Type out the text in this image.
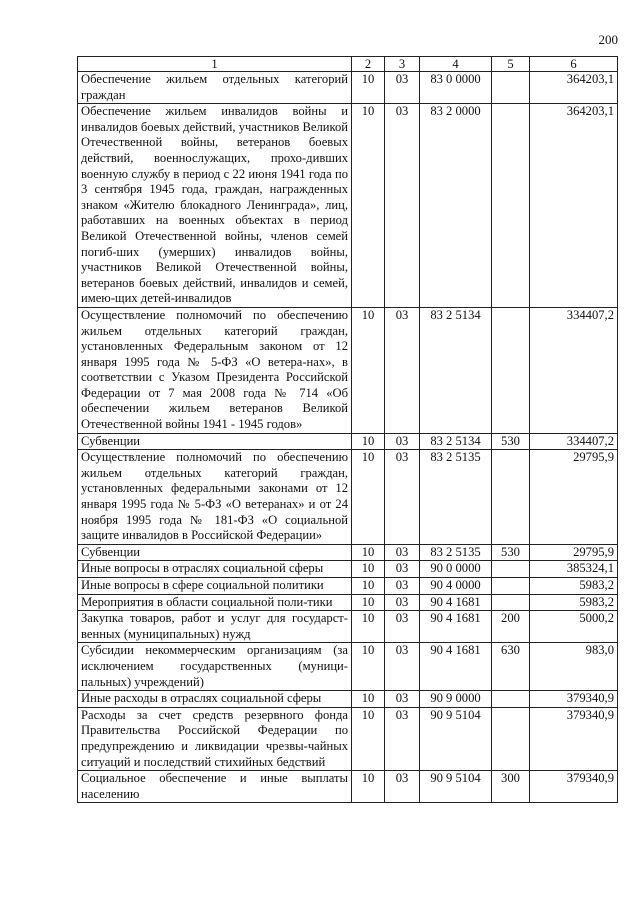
200
1	2	3	4	5	6
Обеспечение жильем отдельных категорий граждан	10	03	83 0 0000		364203,1
Обеспечение жильем инвалидов войны и инвалидов боевых действий, участников Великой Отечественной войны, ветеранов боевых действий, военнослужащих, прохо-дивших военную службу в период с 22 июня 1941 года по 3 сентября 1945 года, граждан, награжденных знаком «Жителю блокадного Ленинграда», лиц, работавших на военных объектах в период Великой Отечественной войны, членов семей погиб-ших (умерших) инвалидов войны, участников Великой Отечественной войны, ветеранов боевых действий, инвалидов и семей, имею-щих детей-инвалидов	10	03	83 2 0000		364203,1
Осуществление полномочий по обеспечению жильем отдельных категорий граждан, установленных Федеральным законом от 12 января 1995 года № 5-ФЗ «О ветера-нах», в соответствии с Указом Президента Российской Федерации от 7 мая 2008 года № 714 «Об обеспечении жильем ветеранов Великой Отечественной войны 1941 - 1945 годов»	10	03	83 2 5134		334407,2
Субвенции	10	03	83 2 5134	530	334407,2
Осуществление полномочий по обеспечению жильем отдельных категорий граждан, установленных федеральными законами от 12 января 1995 года № 5-ФЗ «О ветеранах» и от 24 ноября 1995 года № 181-ФЗ «О социальной защите инвалидов в Российской Федерации»	10	03	83 2 5135		29795,9
Субвенции	10	03	83 2 5135	530	29795,9
Иные вопросы в отраслях социальной сферы	10	03	90 0 0000		385324,1
Иные вопросы в сфере социальной политики	10	03	90 4 0000		5983,2
Мероприятия в области социальной поли-тики	10	03	90 4 1681		5983,2
Закупка товаров, работ и услуг для государст-венных (муниципальных) нужд	10	03	90 4 1681	200	5000,2
Субсидии некоммерческим организациям (за исключением государственных (муници-пальных) учреждений)	10	03	90 4 1681	630	983,0
Иные расходы в отраслях социальной сферы	10	03	90 9 0000		379340,9
Расходы за счет средств резервного фонда Правительства Российской Федерации по предупреждению и ликвидации чрезвы-чайных ситуаций и последствий стихийных бедствий	10	03	90 9 5104		379340,9
Социальное обеспечение и иные выплаты населению	10	03	90 9 5104	300	379340,9
